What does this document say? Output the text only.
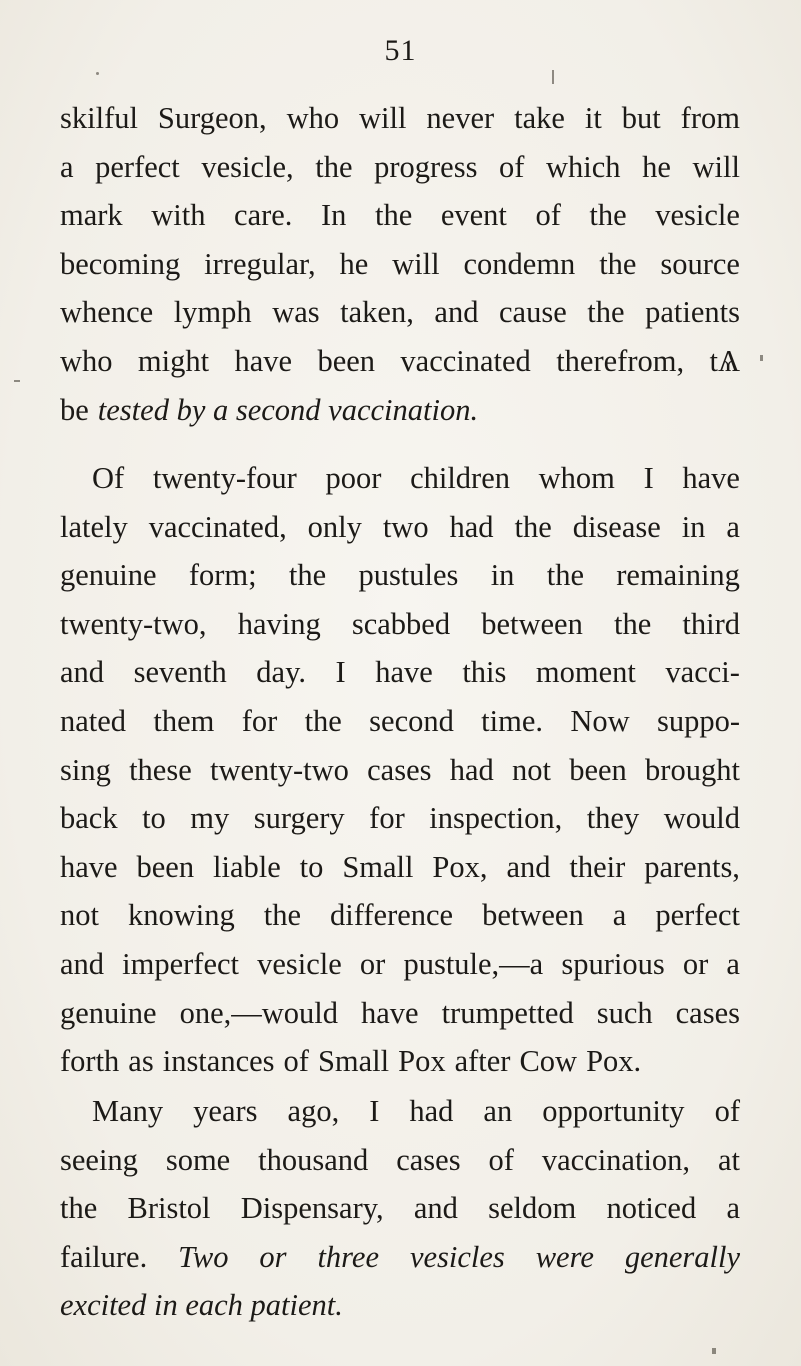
51
skilful Surgeon, who will never take it but from
a perfect vesicle, the progress of which he will
mark with care. In the event of the vesicle
becoming irregular, he will condemn the source
whence lymph was taken, and cause the patients
who might have been vaccinated therefrom, tѦ
be tested by a second vaccination.
Of twenty-four poor children whom I have
lately vaccinated, only two had the disease in a
genuine form; the pustules in the remaining
twenty-two, having scabbed between the third
and seventh day. I have this moment vacci-
nated them for the second time. Now suppo-
sing these twenty-two cases had not been brought
back to my surgery for inspection, they would
have been liable to Small Pox, and their parents,
not knowing the difference between a perfect
and imperfect vesicle or pustule,—a spurious or a
genuine one,—would have trumpetted such cases
forth as instances of Small Pox after Cow Pox.
Many years ago, I had an opportunity of
seeing some thousand cases of vaccination, at
the Bristol Dispensary, and seldom noticed a
failure. Two or three vesicles were generally
excited in each patient.
